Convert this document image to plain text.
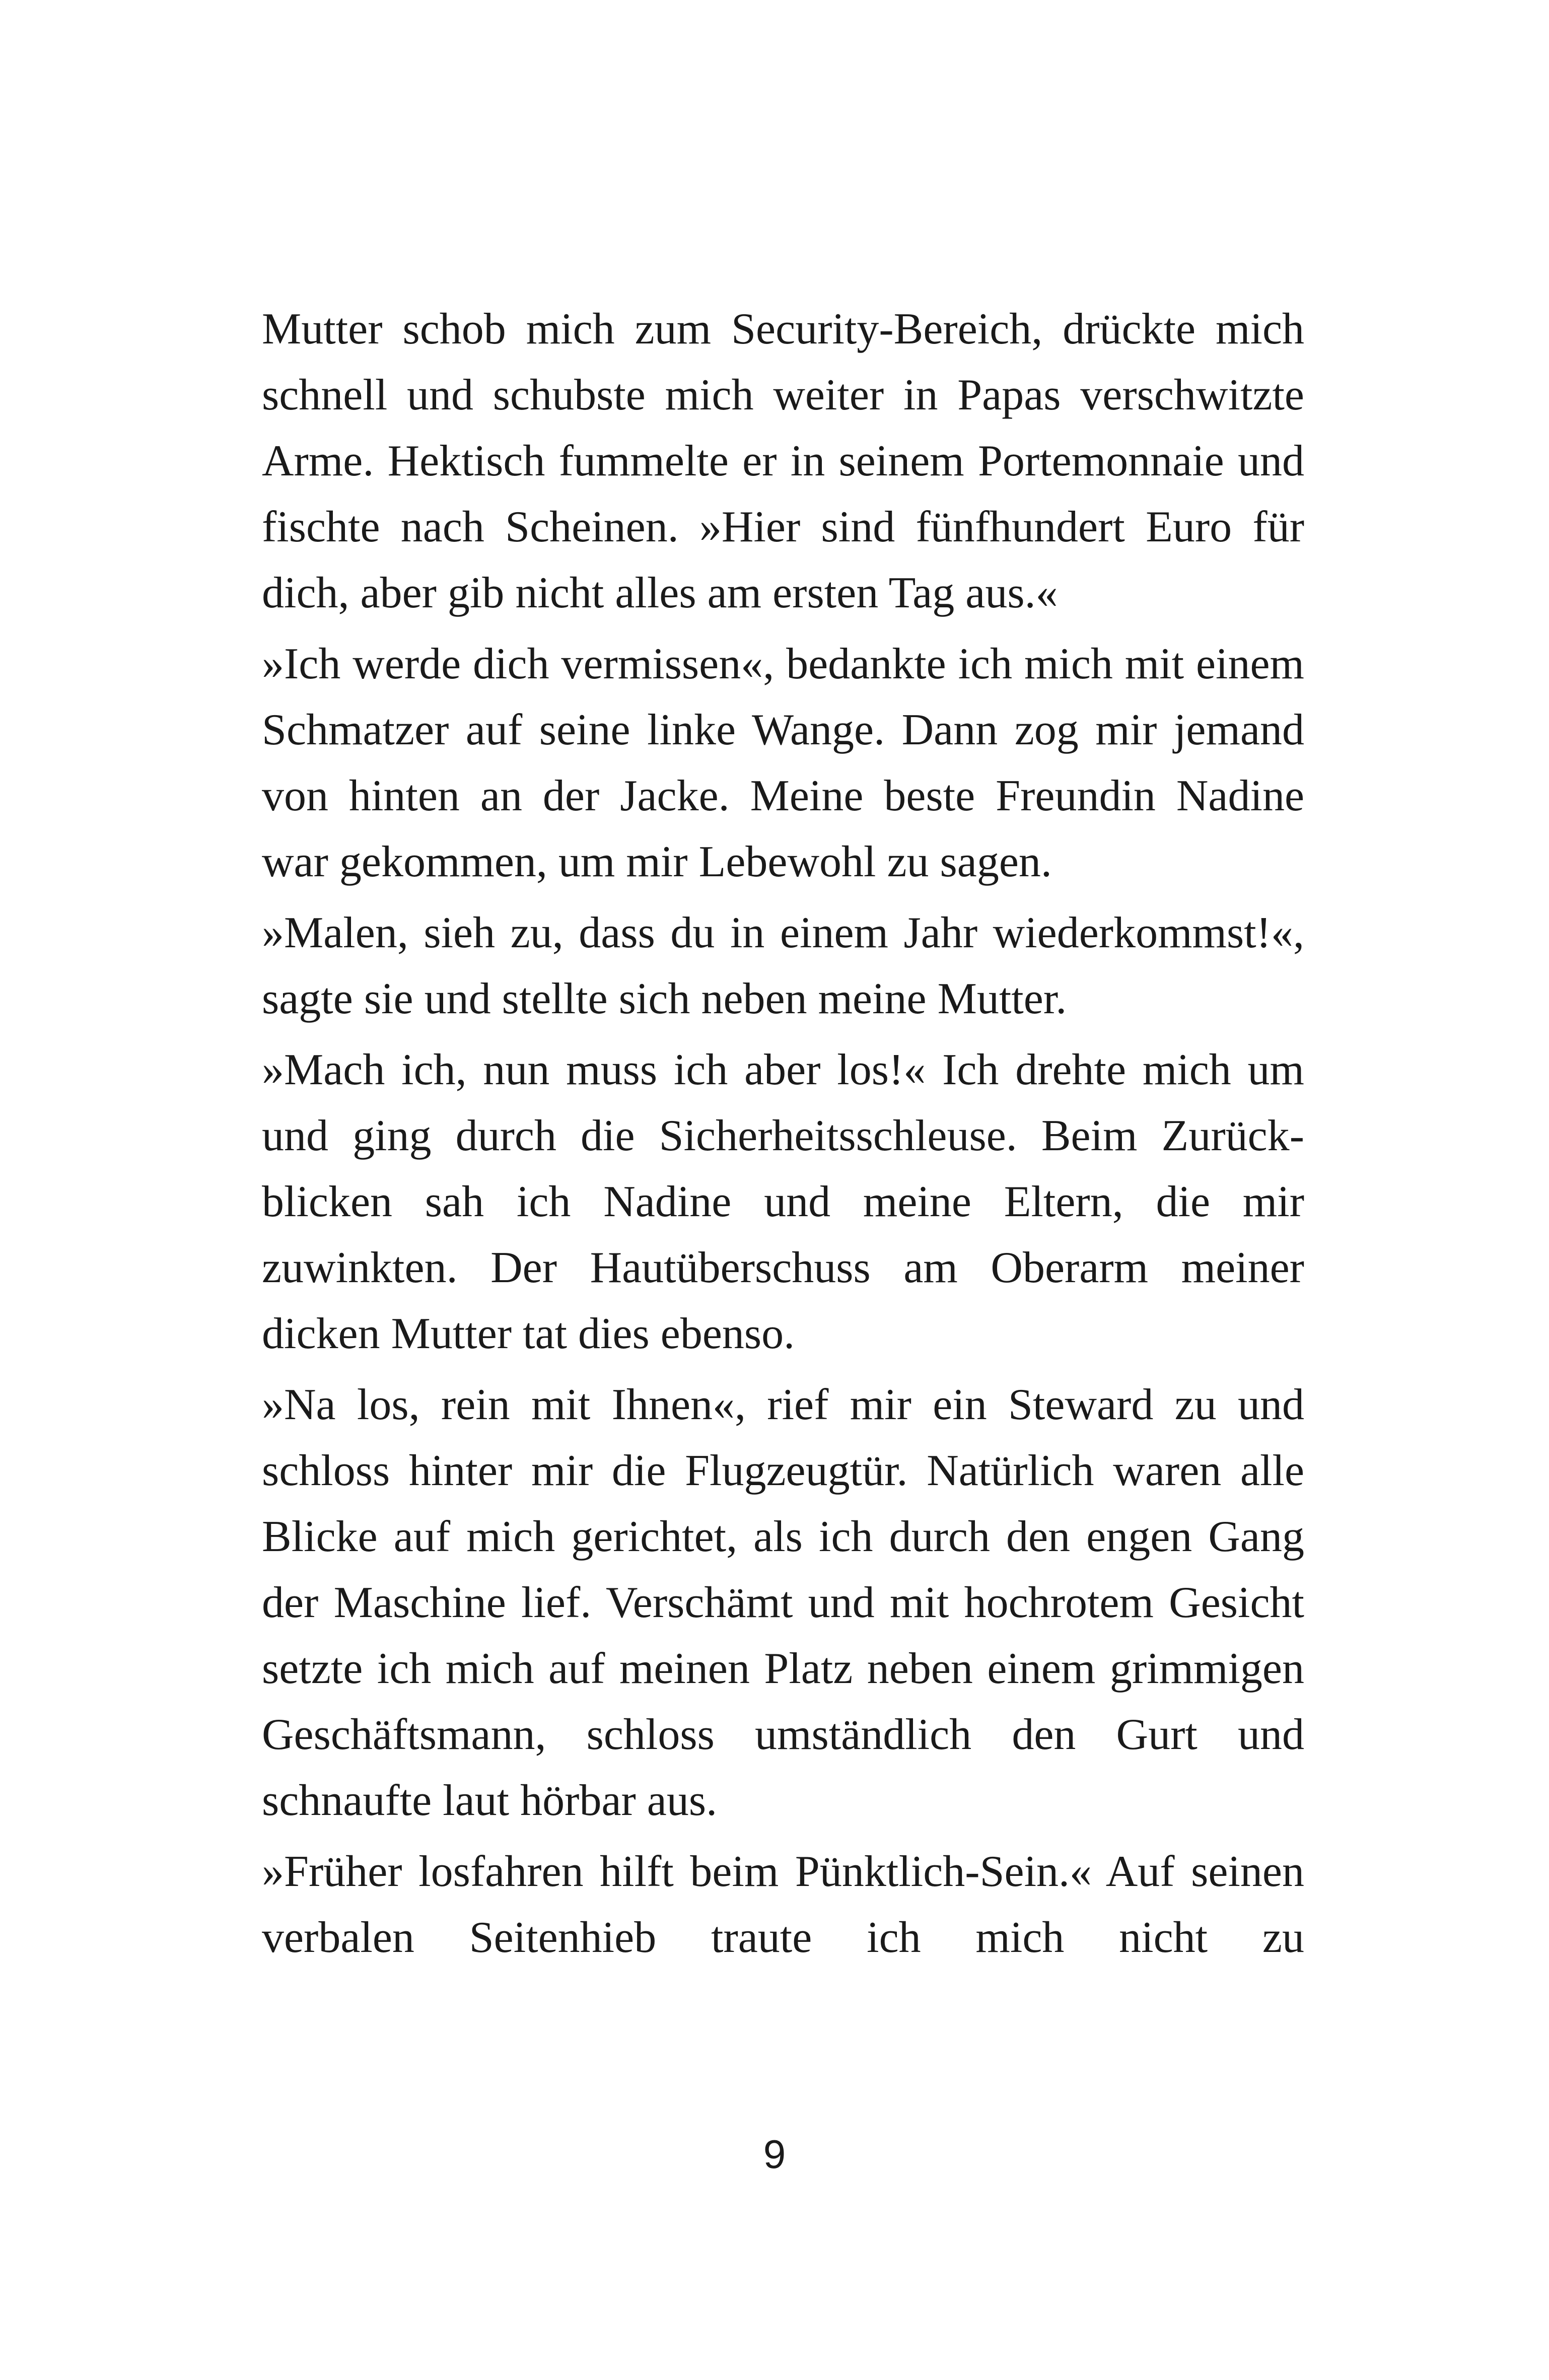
Mutter schob mich zum Security-Bereich, drückte mich schnell und schubste mich weiter in Papas verschwitzte Arme. Hektisch fummelte er in seinem Portemonnaie und fischte nach Scheinen. »Hier sind fünfhundert Euro für dich, aber gib nicht alles am ersten Tag aus.«

»Ich werde dich vermissen«, bedankte ich mich mit einem Schmatzer auf seine linke Wange. Dann zog mir jemand von hinten an der Jacke. Meine beste Freundin Nadine war gekommen, um mir Lebewohl zu sagen.

»Malen, sieh zu, dass du in einem Jahr wiederkommst!«, sagte sie und stellte sich neben meine Mutter.

»Mach ich, nun muss ich aber los!« Ich drehte mich um und ging durch die Sicherheitsschleuse. Beim Zurückblicken sah ich Nadine und meine Eltern, die mir zuwinkten. Der Hautüberschuss am Oberarm meiner dicken Mutter tat dies ebenso.

»Na los, rein mit Ihnen«, rief mir ein Steward zu und schloss hinter mir die Flugzeugtür. Natürlich waren alle Blicke auf mich gerichtet, als ich durch den engen Gang der Maschine lief. Verschämt und mit hochrotem Gesicht setzte ich mich auf meinen Platz neben einem grimmigen Geschäftsmann, schloss umständlich den Gurt und schnaufte laut hörbar aus.

»Früher losfahren hilft beim Pünktlich-Sein.« Auf seinen verbalen Seitenhieb traute ich mich nicht zu

9
